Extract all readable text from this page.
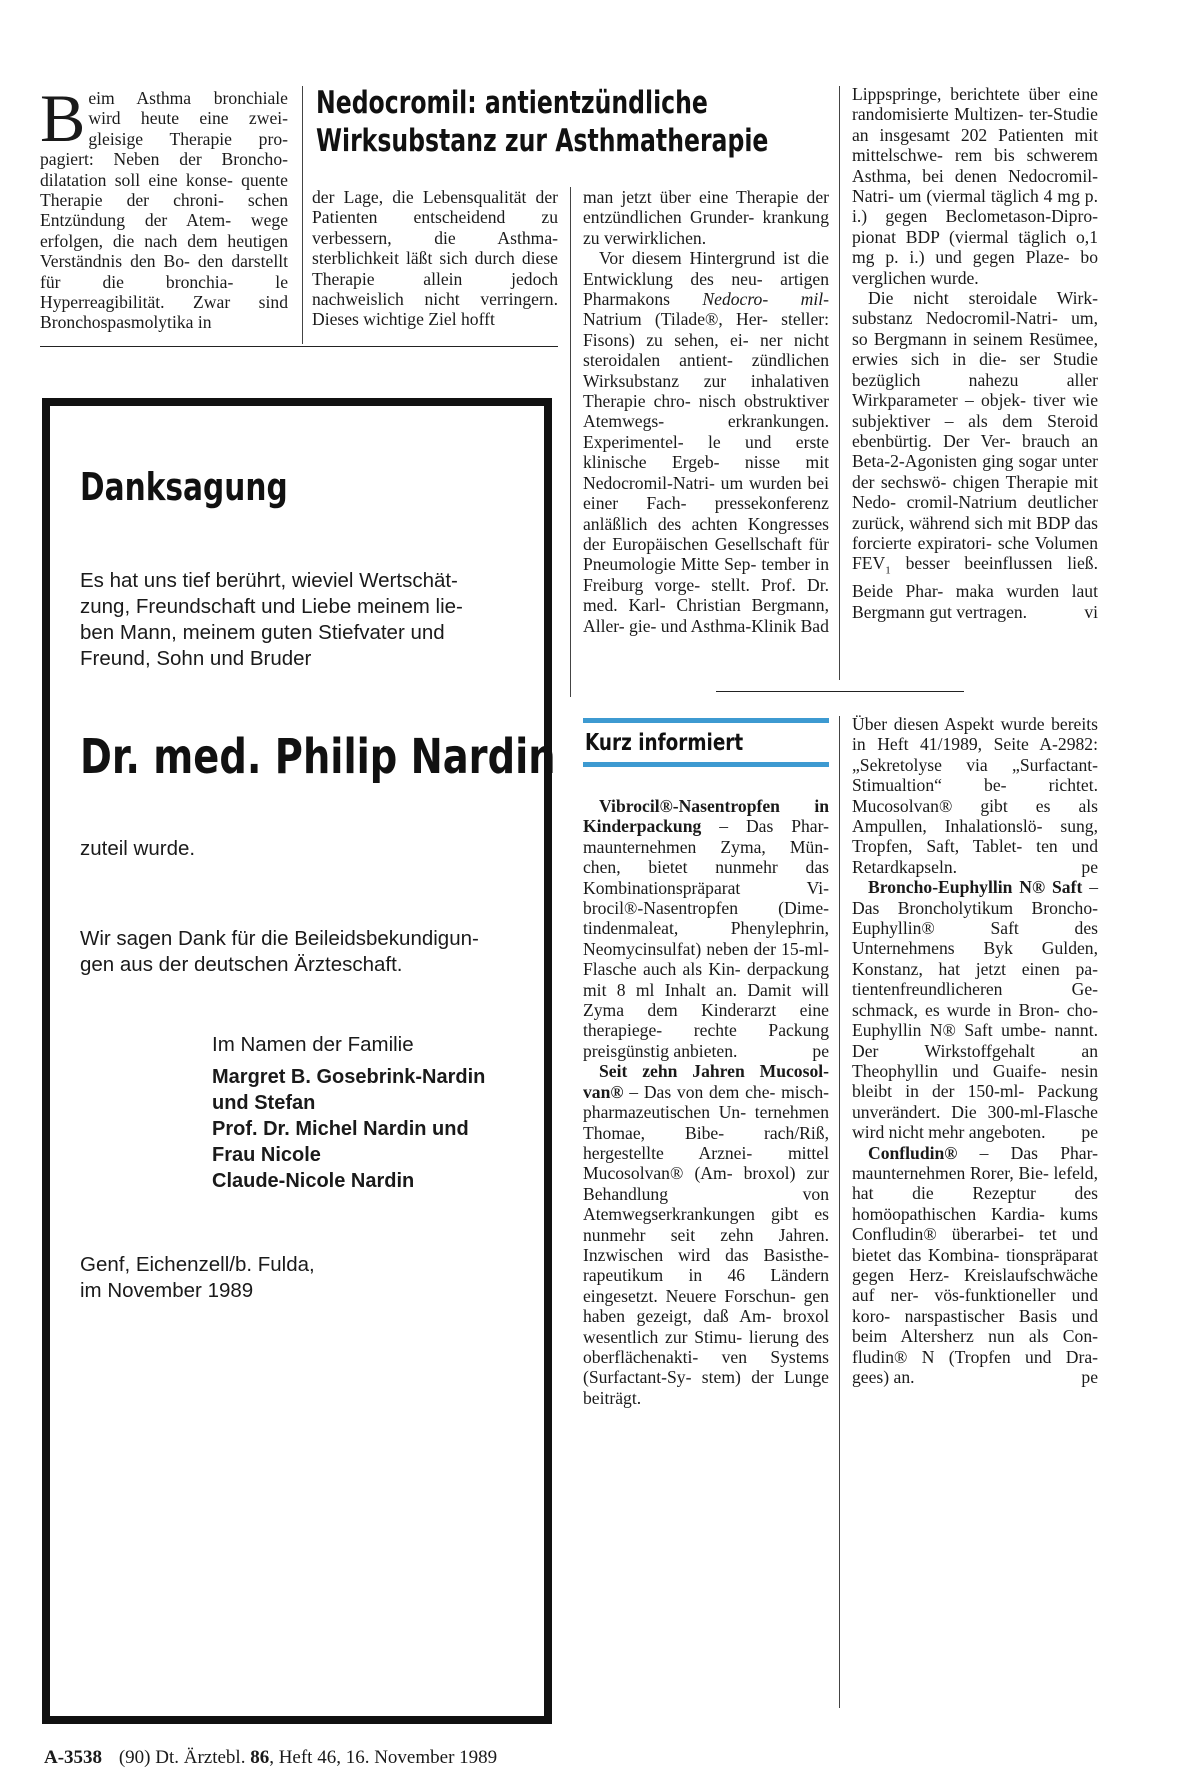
Nedocromil: antientzündliche
Wirksubstanz zur Asthmatherapie
B eim Asthma bronchiale wird heute eine zwei- gleisige Therapie pro- pagiert: Neben der Broncho- dilatation soll eine konse- quente Therapie der chroni- schen Entzündung der Atem- wege erfolgen, die nach dem heutigen Verständnis den Bo- den darstellt für die bronchia- le Hyperreagibilität. Zwar sind Bronchospasmolytika in

der Lage, die Lebensqualität der Patienten entscheidend zu verbessern, die Asthma- sterblichkeit läßt sich durch diese Therapie allein jedoch nachweislich nicht verringern. Dieses wichtige Ziel hofft

man jetzt über eine Therapie der entzündlichen Grunder- krankung zu verwirklichen.

Vor diesem Hintergrund ist die Entwicklung des neu- artigen Pharmakons Nedocro- mil-Natrium (Tilade®, Her- steller: Fisons) zu sehen, ei- ner nicht steroidalen antient- zündlichen Wirksubstanz zur inhalativen Therapie chro- nisch obstruktiver Atemwegs- erkrankungen. Experimentel- le und erste klinische Ergeb- nisse mit Nedocromil-Natri- um wurden bei einer Fach- pressekonferenz anläßlich des achten Kongresses der Europäischen Gesellschaft für Pneumologie Mitte Sep- tember in Freiburg vorge- stellt. Prof. Dr. med. Karl- Christian Bergmann, Aller- gie- und Asthma-Klinik Bad

Lippspringe, berichtete über eine randomisierte Multizen- ter-Studie an insgesamt 202 Patienten mit mittelschwe- rem bis schwerem Asthma, bei denen Nedocromil-Natri- um (viermal täglich 4 mg p. i.) gegen Beclometason-Dipro- pionat BDP (viermal täglich o,1 mg p. i.) und gegen Plaze- bo verglichen wurde.

Die nicht steroidale Wirk- substanz Nedocromil-Natri- um, so Bergmann in seinem Resümee, erwies sich in die- ser Studie bezüglich nahezu aller Wirkparameter – objek- tiver wie subjektiver – als dem Steroid ebenbürtig. Der Ver- brauch an Beta-2-Agonisten ging sogar unter der sechswö- chigen Therapie mit Nedo- cromil-Natrium deutlicher zurück, während sich mit BDP das forcierte expiratori- sche Volumen $FEV_1$ besser beeinflussen ließ. Beide Phar- maka wurden laut Bergmann gut vertragen.	vi

Danksagung
Es hat uns tief berührt, wieviel Wertschät-
zung, Freundschaft und Liebe meinem lie-
ben Mann, meinem guten Stiefvater und
Freund, Sohn und Bruder
Dr. med. Philip Nardin
zuteil wurde.
Wir sagen Dank für die Beileidsbekundigun-
gen aus der deutschen Ärzteschaft.
Im Namen der Familie
Margret B. Gosebrink-Nardin
und Stefan
Prof. Dr. Michel Nardin und
Frau Nicole
Claude-Nicole Nardin
Genf, Eichenzell/b. Fulda,
im November 1989
Kurz informiert

Vibrocil®-Nasentropfen in Kinderpackung – Das Phar- maunternehmen Zyma, Mün- chen, bietet nunmehr das Kombinationspräparat Vi- brocil®-Nasentropfen (Dime- tindenmaleat, Phenylephrin, Neomycinsulfat) neben der 15-ml-Flasche auch als Kin- derpackung mit 8 ml Inhalt an. Damit will Zyma dem Kinderarzt eine therapiege- rechte Packung preisgünstig anbieten.	pe

Seit zehn Jahren Mucosol- van® – Das von dem che- misch-pharmazeutischen Un- ternehmen Thomae, Bibe- rach/Riß, hergestellte Arznei- mittel Mucosolvan® (Am- broxol) zur Behandlung von Atemwegserkrankungen gibt es nunmehr seit zehn Jahren. Inzwischen wird das Basisthe- rapeutikum in 46 Ländern eingesetzt. Neuere Forschun- gen haben gezeigt, daß Am- broxol wesentlich zur Stimu- lierung des oberflächenakti- ven Systems (Surfactant-Sy- stem) der Lunge beiträgt.

Über diesen Aspekt wurde bereits in Heft 41/1989, Seite A-2982: „Sekretolyse via „Surfactant-Stimualtion“ be- richtet. Mucosolvan® gibt es als Ampullen, Inhalationslö- sung, Tropfen, Saft, Tablet- ten und Retardkapseln.	pe

Broncho-Euphyllin N® Saft – Das Broncholytikum Broncho-Euphyllin® Saft des Unternehmens Byk Gulden, Konstanz, hat jetzt einen pa- tientenfreundlicheren Ge- schmack, es wurde in Bron- cho-Euphyllin N® Saft umbe- nannt. Der Wirkstoffgehalt an Theophyllin und Guaife- nesin bleibt in der 150-ml- Packung unverändert. Die 300-ml-Flasche wird nicht mehr angeboten.	pe

Confludin® – Das Phar- maunternehmen Rorer, Bie- lefeld, hat die Rezeptur des homöopathischen Kardia- kums Confludin® überarbei- tet und bietet das Kombina- tionspräparat gegen Herz- Kreislaufschwäche auf ner- vös-funktioneller und koro- narspastischer Basis und beim Altersherz nun als Con- fludin® N (Tropfen und Dra- gees) an.	pe

A-3538 (90) Dt. Ärztebl. 86, Heft 46, 16. November 1989
